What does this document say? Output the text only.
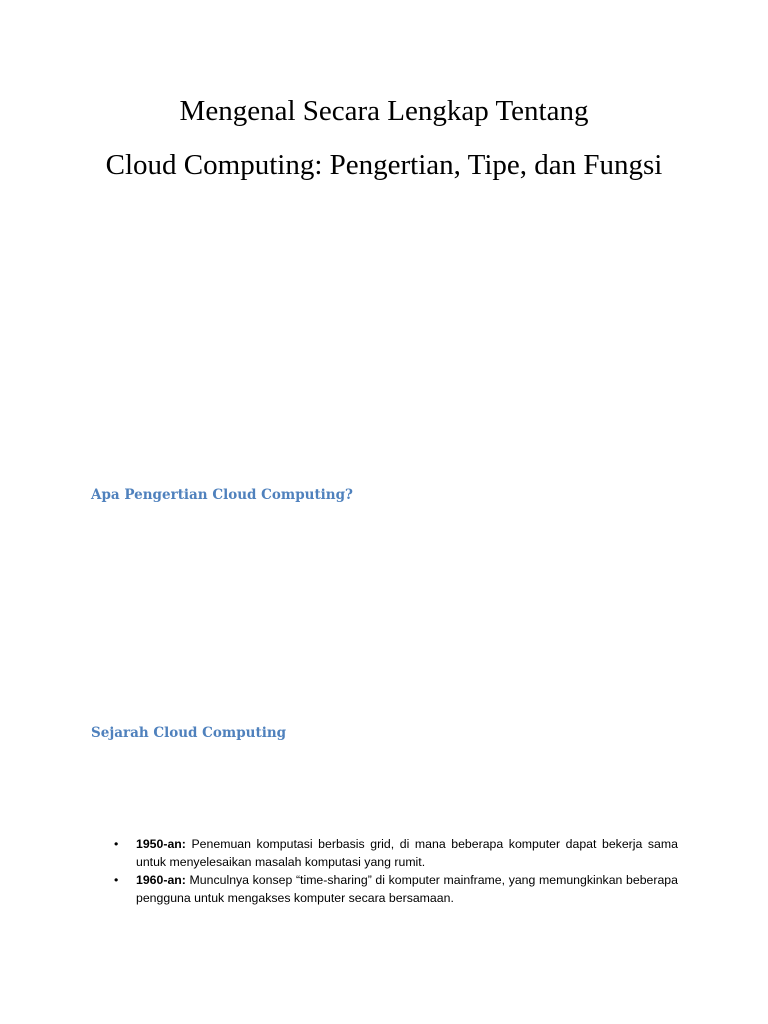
Mengenal Secara Lengkap Tentang
Cloud Computing: Pengertian, Tipe, dan Fungsi
Apa Pengertian Cloud Computing?
Sejarah Cloud Computing
• 1950-an: Penemuan komputasi berbasis grid, di mana beberapa komputer dapat bekerja sama untuk menyelesaikan masalah komputasi yang rumit.
• 1960-an: Munculnya konsep “time-sharing” di komputer mainframe, yang memungkinkan beberapa pengguna untuk mengakses komputer secara bersamaan.
